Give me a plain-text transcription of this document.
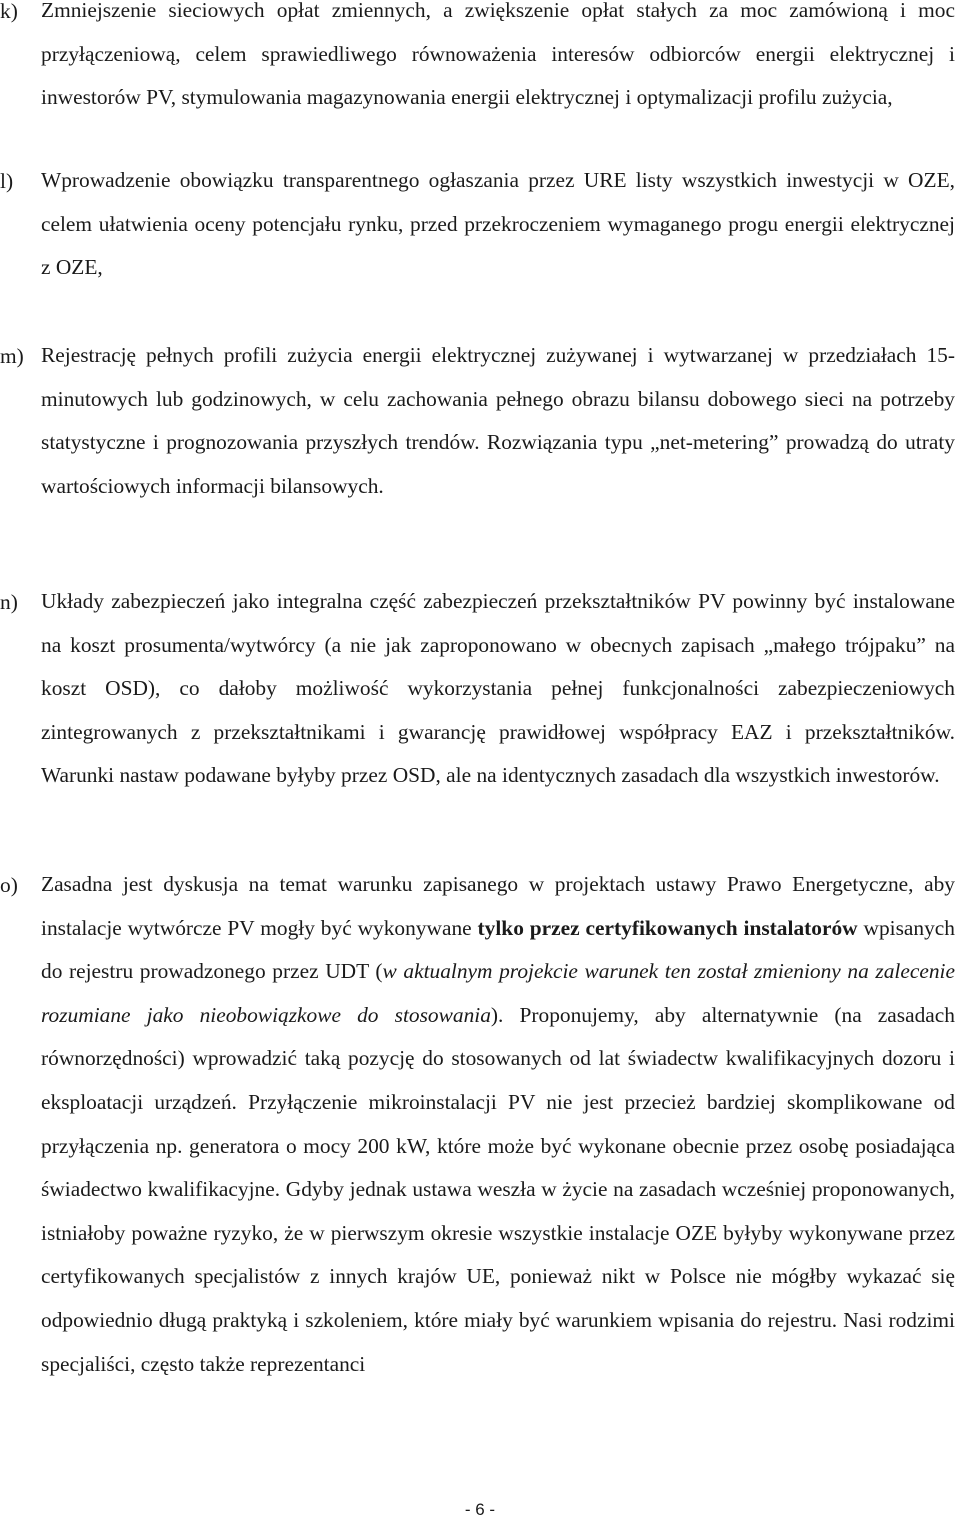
k)	Zmniejszenie sieciowych opłat zmiennych, a zwiększenie opłat stałych za moc zamówioną i moc przyłączeniową, celem sprawiedliwego równoważenia interesów odbiorców energii elektrycznej i inwestorów PV, stymulowania magazynowania energii elektrycznej i optymalizacji profilu zużycia,
l)	Wprowadzenie obowiązku transparentnego ogłaszania przez URE listy wszystkich inwestycji w OZE, celem ułatwienia oceny potencjału rynku, przed przekroczeniem wymaganego progu energii elektrycznej z OZE,
m) Rejestrację pełnych profili zużycia energii elektrycznej zużywanej i wytwarzanej w przedziałach 15-minutowych lub godzinowych, w celu zachowania pełnego obrazu bilansu dobowego sieci na potrzeby statystyczne i prognozowania przyszłych trendów. Rozwiązania typu „net-metering” prowadzą do utraty wartościowych informacji bilansowych.
n)	Układy zabezpieczeń jako integralna część zabezpieczeń przekształtników PV powinny być instalowane na koszt prosumenta/wytwórcy (a nie jak zaproponowano w obecnych zapisach „małego trójpaku” na koszt OSD), co dałoby możliwość wykorzystania pełnej funkcjonalności zabezpieczeniowych zintegrowanych z przekształtnikami i gwarancję prawidłowej współpracy EAZ i przekształtników. Warunki nastaw podawane byłyby przez OSD, ale na identycznych zasadach dla wszystkich inwestorów.
o)	Zasadna jest dyskusja na temat warunku zapisanego w projektach ustawy Prawo Energetyczne, aby instalacje wytwórcze PV mogły być wykonywane tylko przez certyfikowanych instalatorów wpisanych do rejestru prowadzonego przez UDT (w aktualnym projekcie warunek ten został zmieniony na zalecenie rozumiane jako nieobowiązkowe do stosowania). Proponujemy, aby alternatywnie (na zasadach równorzędności) wprowadzić taką pozycję do stosowanych od lat świadectw kwalifikacyjnych dozoru i eksploatacji urządzeń. Przyłączenie mikroinstalacji PV nie jest przecież bardziej skomplikowane od przyłączenia np. generatora o mocy 200 kW, które może być wykonane obecnie przez osobę posiadająca świadectwo kwalifikacyjne. Gdyby jednak ustawa weszła w życie na zasadach wcześniej proponowanych, istniałoby poważne ryzyko, że w pierwszym okresie wszystkie instalacje OZE byłyby wykonywane przez certyfikowanych specjalistów z innych krajów UE, ponieważ nikt w Polsce nie mógłby wykazać się odpowiednio długą praktyką i szkoleniem, które miały być warunkiem wpisania do rejestru. Nasi rodzimi specjaliści, często także reprezentanci
- 6 -
